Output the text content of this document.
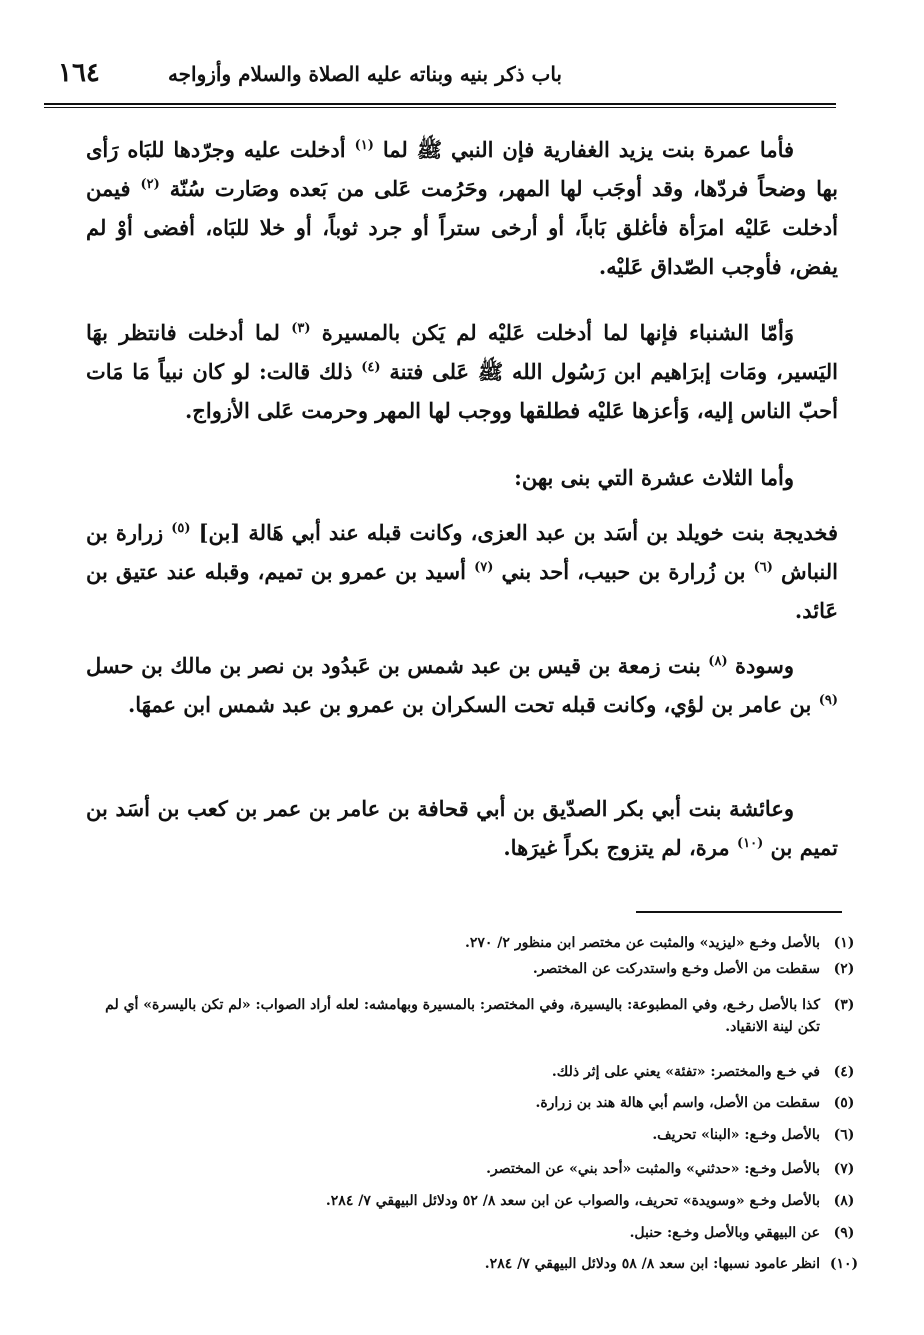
١٦٤	باب ذكر بنيه وبناته عليه الصلاة والسلام وأزواجه
فأما عمرة بنت يزيد الغفارية فإن النبي ﷺ لما $^{(١)}$ أدخلت عليه وجرّدها للبَاه رَأى بها وضحاً فردّها، وقد أوجَب لها المهر، وحَرُمت عَلى من بَعده وصَارت سُنّة $^{(٢)}$ فيمن أدخلت عَليْه امرَأة فأغلق بَاباً، أو أرخى ستراً أو جرد ثوباً، أو خلا للبَاه، أفضى أوْ لم يفض، فأوجب الصّداق عَليْه.
وَأمّا الشنباء فإنها لما أدخلت عَليْه لم يَكن بالمسيرة $^{(٣)}$ لما أدخلت فانتظر بهَا اليَسير، ومَات إبرَاهيم ابن رَسُول الله ﷺ عَلى فتنة $^{(٤)}$ ذلك قالت: لو كان نبياً مَا مَات أحبّ الناس إليه، وَأعزها عَليْه فطلقها ووجب لها المهر وحرمت عَلى الأزواج.
وأما الثلاث عشرة التي بنى بهن:
فخديجة بنت خويلد بن أسَد بن عبد العزى، وكانت قبله عند أبي هَالة [بن] $^{(٥)}$ زرارة بن النباش $^{(٦)}$ بن زُرارة بن حبيب، أحد بني $^{(٧)}$ أسيد بن عمرو بن تميم، وقبله عند عتيق بن عَائد.
وسودة $^{(٨)}$ بنت زمعة بن قيس بن عبد شمس بن عَبدُود بن نصر بن مالك بن حسل $^{(٩)}$ بن عامر بن لؤي، وكانت قبله تحت السكران بن عمرو بن عبد شمس ابن عمهَا.
وعائشة بنت أبي بكر الصدّيق بن أبي قحافة بن عامر بن عمر بن كعب بن أسَد بن تميم بن $^{(١٠)}$ مرة، لم يتزوج بكراً غيرَها.
(١)
بالأصل وخـع «ليزيد» والمثبت عن مختصر ابن منظور ٢/ ٢٧٠.
(٢)
سقطت من الأصل وخـع واستدركت عن المختصر.
(٣)
كذا بالأصل رخـع، وفي المطبوعة: باليسيرة، وفي المختصر: بالمسيرة وبهامشه: لعله أراد الصواب: «لم تكن باليسرة» أي لم تكن لينة الانقياد.
(٤)
في خـع والمختصر: «تفئة» يعني على إثر ذلك.
(٥)
سقطت من الأصل، واسم أبي هالة هند بن زرارة.
(٦)
بالأصل وخـع: «البنا» تحريف.
(٧)
بالأصل وخـع: «حدثني» والمثبت «أحد بني» عن المختصر.
(٨)
بالأصل وخـع «وسويدة» تحريف، والصواب عن ابن سعد ٨/ ٥٢ ودلائل البيهقي ٧/ ٢٨٤.
(٩)
عن البيهقي وبالأصل وخـع: حنبل.
(١٠)
انظر عامود نسبها: ابن سعد ٨/ ٥٨ ودلائل البيهقي ٧/ ٢٨٤.
